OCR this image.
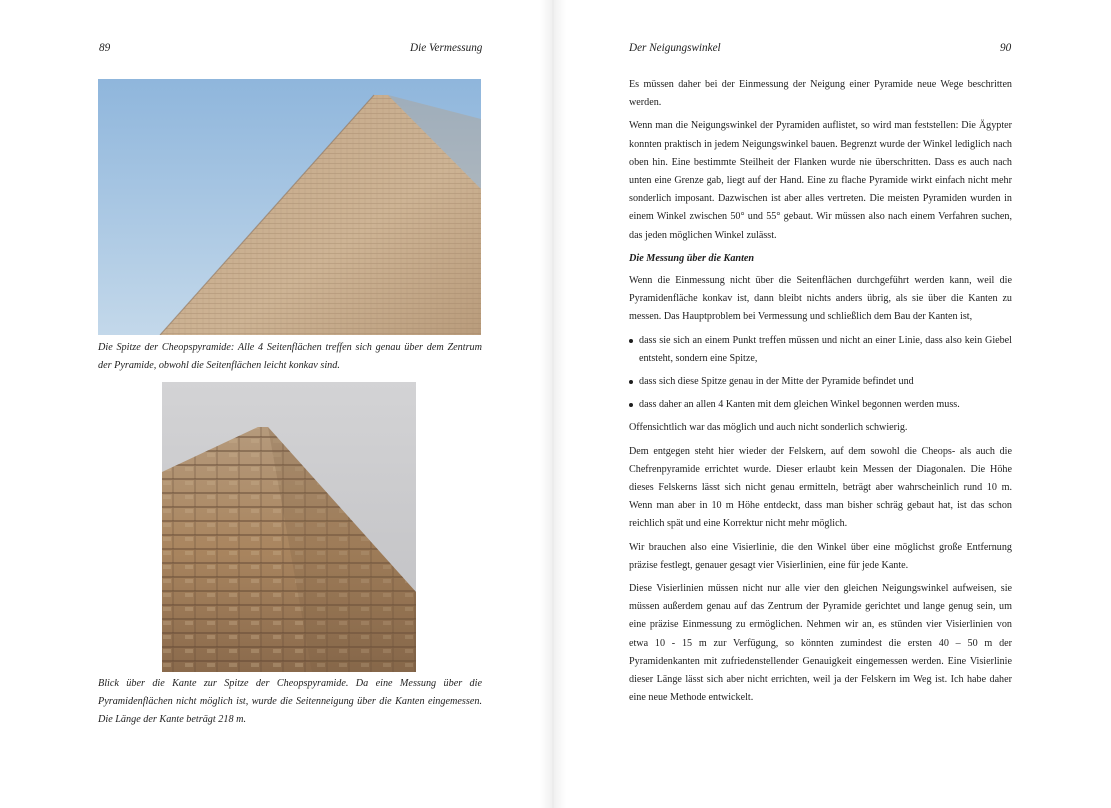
89	Die Vermessung
Die Spitze der Cheopspyramide: Alle 4 Seitenflächen treffen sich genau über dem Zentrum der Pyramide, obwohl die Seitenflächen leicht konkav sind.
Blick über die Kante zur Spitze der Cheopspyramide. Da eine Messung über die Pyramidenflächen nicht möglich ist, wurde die Seitenneigung über die Kanten eingemessen. Die Länge der Kante beträgt 218 m.
Der Neigungswinkel	90

Es müssen daher bei der Einmessung der Neigung einer Pyramide neue Wege beschritten werden.

Wenn man die Neigungswinkel der Pyramiden auflistet, so wird man feststellen: Die Ägypter konnten praktisch in jedem Neigungswinkel bauen. Begrenzt wurde der Winkel lediglich nach oben hin. Eine bestimmte Steilheit der Flanken wurde nie überschritten. Dass es auch nach unten eine Grenze gab, liegt auf der Hand. Eine zu flache Pyramide wirkt einfach nicht mehr sonderlich imposant. Dazwischen ist aber alles vertreten. Die meisten Pyramiden wurden in einem Winkel zwischen 50° und 55° gebaut. Wir müssen also nach einem Verfahren suchen, das jeden möglichen Winkel zulässt.

Die Messung über die Kanten

Wenn die Einmessung nicht über die Seitenflächen durchgeführt werden kann, weil die Pyramidenfläche konkav ist, dann bleibt nichts anders übrig, als sie über die Kanten zu messen. Das Hauptproblem bei Vermessung und schließlich dem Bau der Kanten ist,

dass sie sich an einem Punkt treffen müssen und nicht an einer Linie, dass also kein Giebel entsteht, sondern eine Spitze,
dass sich diese Spitze genau in der Mitte der Pyramide befindet und
dass daher an allen 4 Kanten mit dem gleichen Winkel begonnen werden muss.

Offensichtlich war das möglich und auch nicht sonderlich schwierig.

Dem entgegen steht hier wieder der Felskern, auf dem sowohl die Cheops- als auch die Chefrenpyramide errichtet wurde. Dieser erlaubt kein Messen der Diagonalen. Die Höhe dieses Felskerns lässt sich nicht genau ermitteln, beträgt aber wahrscheinlich rund 10 m. Wenn man aber in 10 m Höhe entdeckt, dass man bisher schräg gebaut hat, ist das schon reichlich spät und eine Korrektur nicht mehr möglich.

Wir brauchen also eine Visierlinie, die den Winkel über eine möglichst große Entfernung präzise festlegt, genauer gesagt vier Visierlinien, eine für jede Kante.

Diese Visierlinien müssen nicht nur alle vier den gleichen Neigungswinkel aufweisen, sie müssen außerdem genau auf das Zentrum der Pyramide gerichtet und lange genug sein, um eine präzise Einmessung zu ermöglichen. Nehmen wir an, es stünden vier Visierlinien von etwa 10 - 15 m zur Verfügung, so könnten zumindest die ersten 40 – 50 m der Pyramidenkanten mit zufriedenstellender Genauigkeit eingemessen werden. Eine Visierlinie dieser Länge lässt sich aber nicht errichten, weil ja der Felskern im Weg ist. Ich habe daher eine neue Methode entwickelt.
